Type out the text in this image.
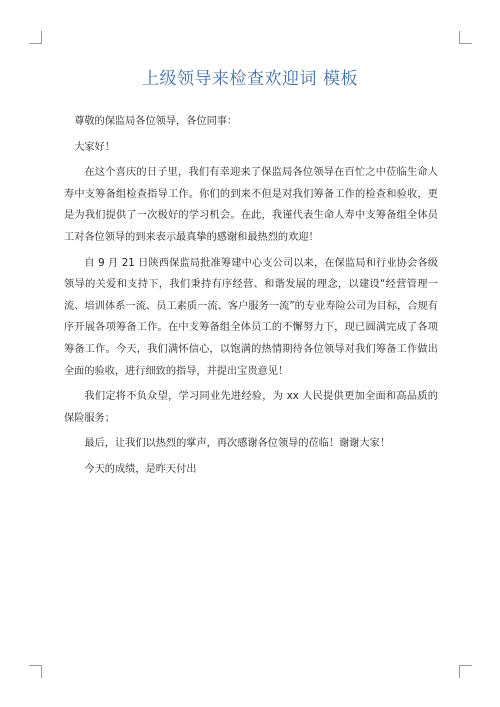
上级领导来检查欢迎词 模板

尊敬的保监局各位领导，各位同事：

大家好！

在这个喜庆的日子里，我们有幸迎来了保监局各位领导在百忙之中莅临生命人寿中支筹备组检查指导工作。你们的到来不但是对我们筹备工作的检查和验收，更是为我们提供了一次极好的学习机会。在此，我谨代表生命人寿中支筹备组全体员工对各位领导的到来表示最真挚的感谢和最热烈的欢迎！

自 9 月 21 日陕西保监局批准筹建中心支公司以来，在保监局和行业协会各级领导的关爱和支持下，我们秉持有序经营、和谐发展的理念，以建设“经营管理一流、培训体系一流、员工素质一流、客户服务一流”的专业寿险公司为目标，合规有序开展各项筹备工作。在中支筹备组全体员工的不懈努力下，现已圆满完成了各项筹备工作。今天，我们满怀信心，以饱满的热情期待各位领导对我们筹备工作做出全面的验收，进行细致的指导，并提出宝贵意见！

我们定将不负众望，学习同业先进经验，为 xx 人民提供更加全面和高品质的保险服务；

最后，让我们以热烈的掌声，再次感谢各位领导的莅临！谢谢大家！

今天的成绩，是昨天付出
